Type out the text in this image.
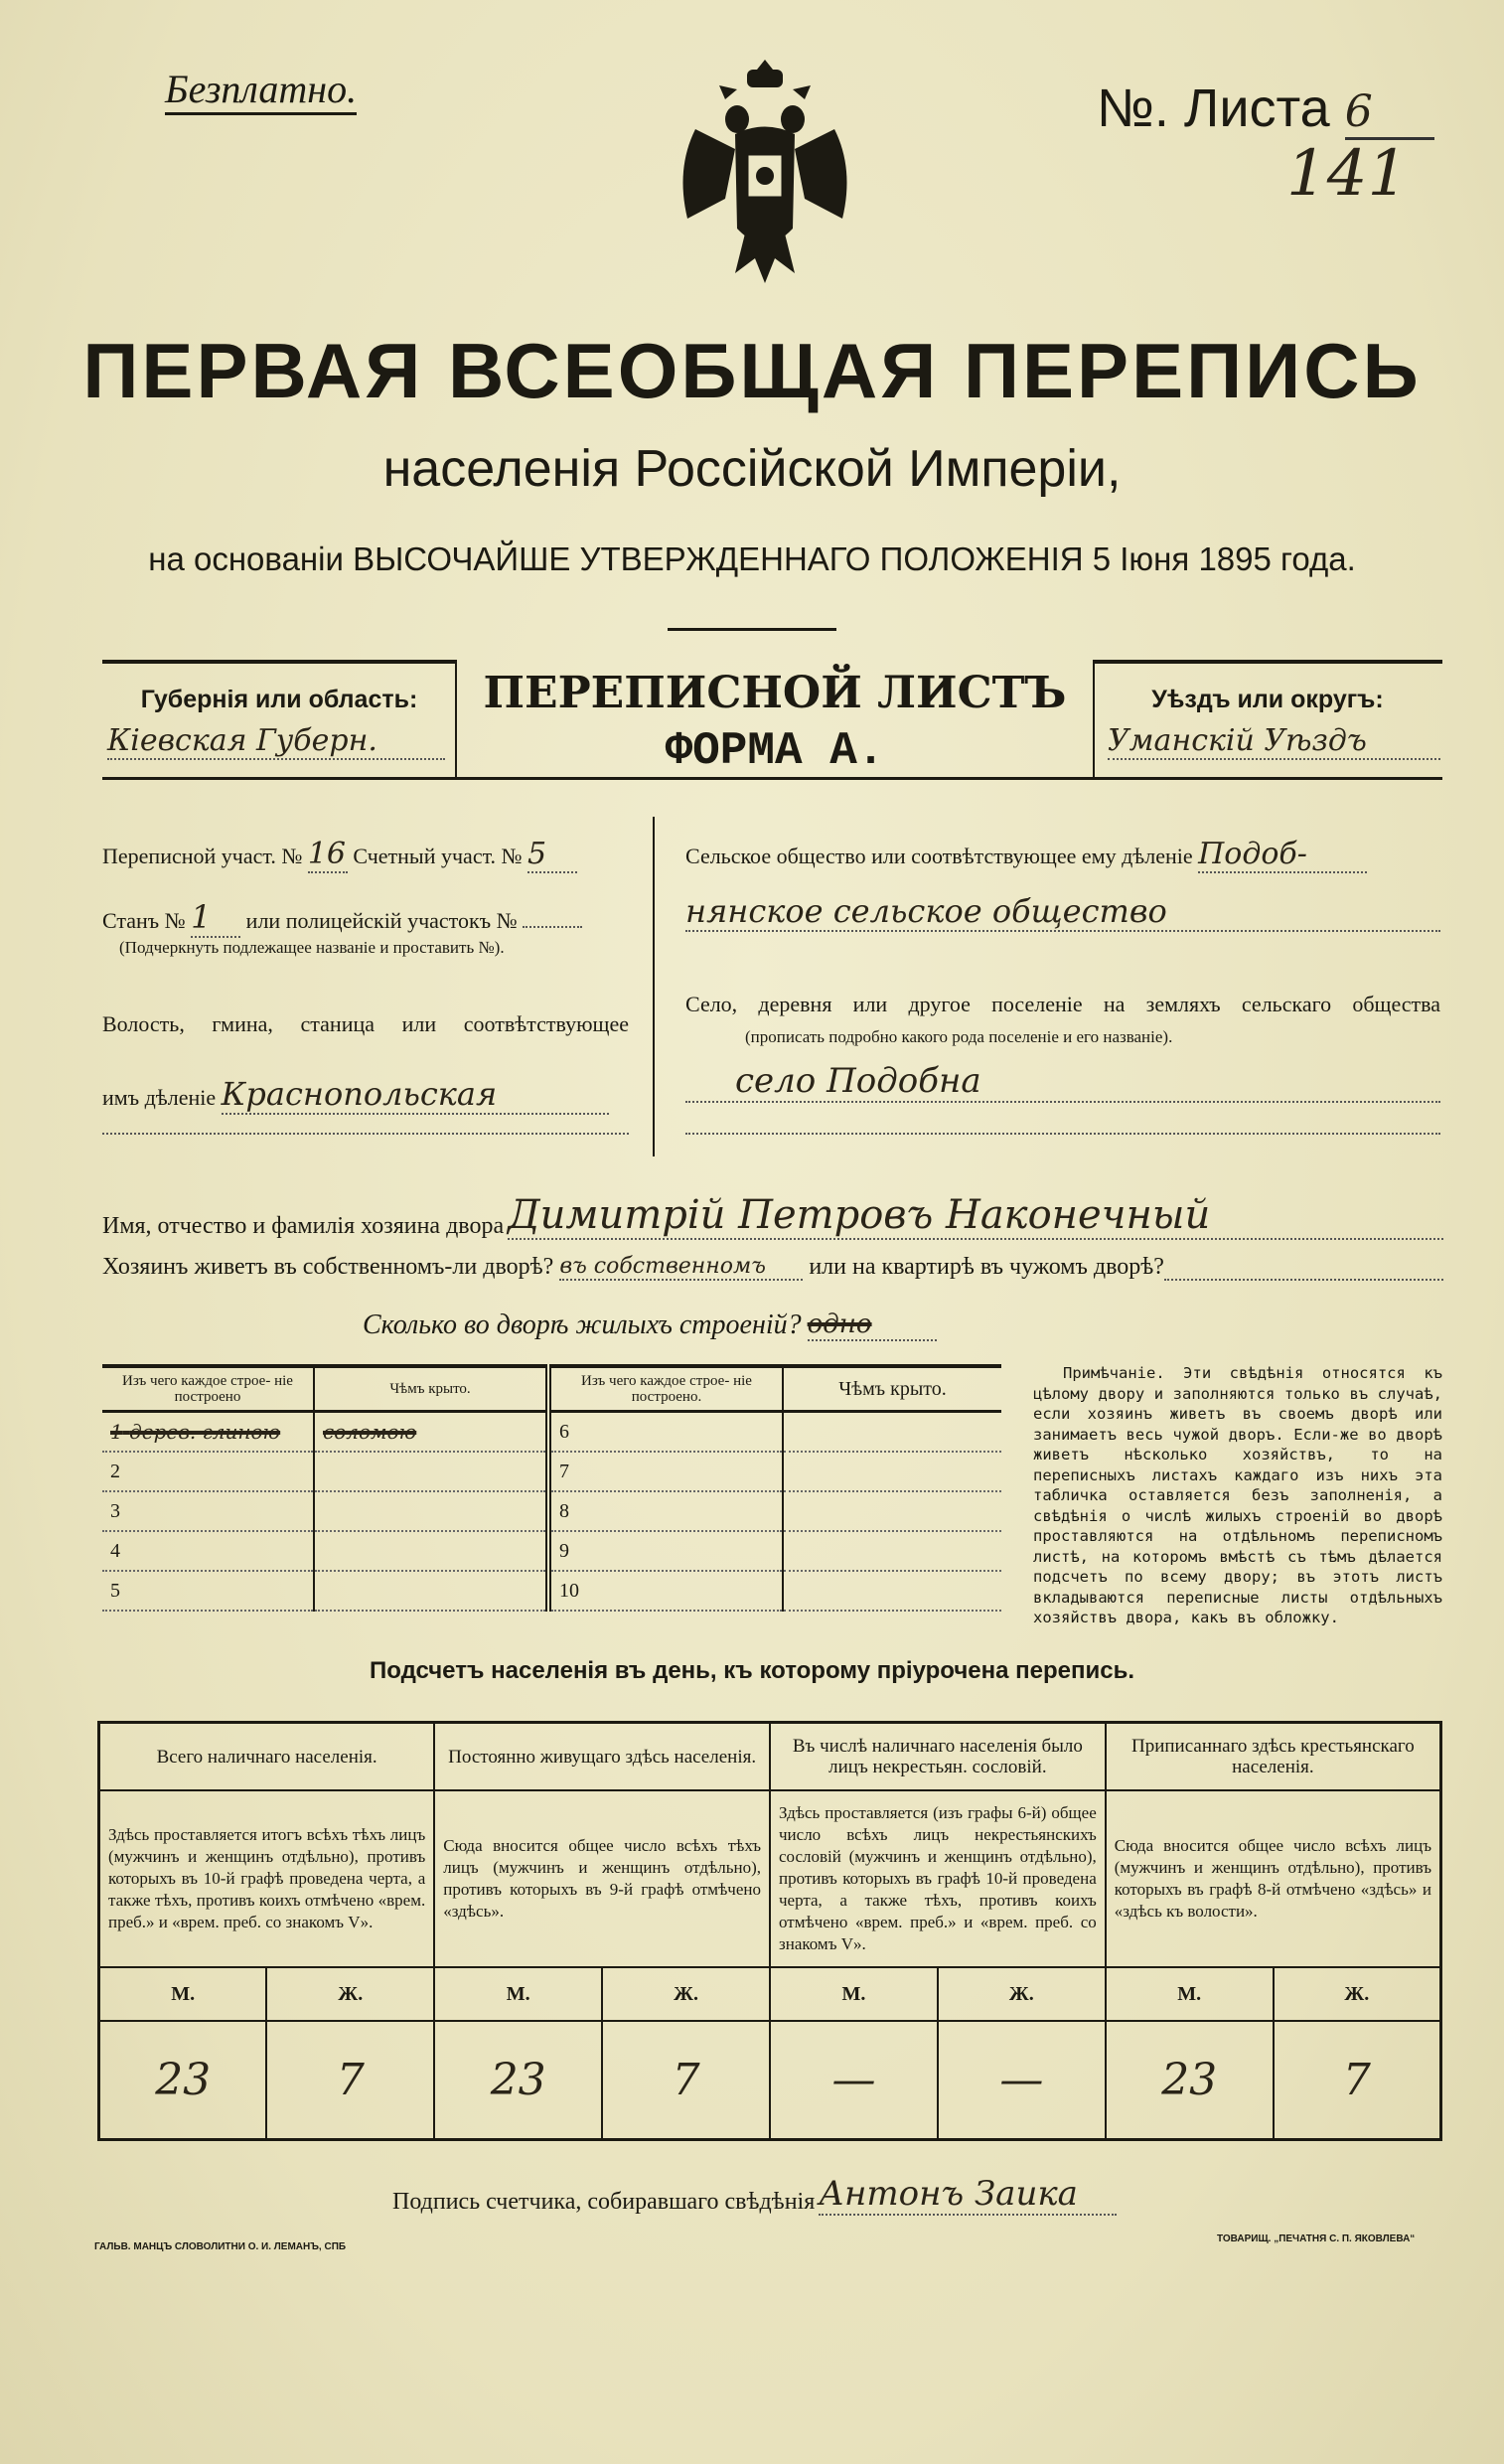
Безплатно.	№. Листа 6
141
ПЕРВАЯ ВСЕОБЩАЯ ПЕРЕПИСЬ
населенія Россійской Имперіи,
на основаніи ВЫСОЧАЙШЕ УТВЕРЖДЕННАГО ПОЛОЖЕНІЯ 5 Іюня 1895 года.
Губернія или область:
Кіевская Губерн.
ПЕРЕПИСНОЙ ЛИСТЪ
ФОРМА А.
Уѣздъ или округъ:
Уманскій Уѣздъ
Переписной участ. № 16 Счетный участ. № 5
Станъ № 1 или полицейскій участокъ №
(Подчеркнуть подлежащее названіе и проставить №).
Волость, гмина, станица или соотвѣтствующее
имъ дѣленіе Краснопольская
Сельское общество или соотвѣтствующее ему дѣленіе Подоб-
нянское сельское общество
Село, деревня или другое поселеніе на земляхъ сельскаго общества
(прописать подробно какого рода поселеніе и его названіе).
село Подобна
Имя, отчество и фамилія хозяина двора Димитрій Петровъ Наконечный
Хозяинъ живетъ въ собственномъ-ли дворѣ? въ собственномъ	или на квартирѣ въ чужомъ дворѣ?
Сколько во дворѣ жилыхъ строеній? одно
Изъ чего каждое строе- ніе построено	Чѣмъ крыто.	Изъ чего каждое строе- ніе построено.	Чѣмъ крыто.
1 дерев. глиною	соломою	6	
2		7	
3		8	
4		9	
5		10	
Примѣчаніе. Эти свѣдѣнія относятся къ цѣлому двору и заполняются только въ случаѣ, если хозяинъ живетъ въ своемъ дворѣ или занимаетъ весь чужой дворъ. Если-же во дворѣ живетъ нѣсколько хозяйствъ, то на переписныхъ листахъ каждаго изъ нихъ эта табличка оставляется безъ заполненія, а свѣдѣнія о числѣ жилыхъ строеній во дворѣ проставляются на отдѣльномъ переписномъ листѣ, на которомъ вмѣстѣ съ тѣмъ дѣлается подсчетъ по всему двору; въ этотъ листъ вкладываются переписные листы отдѣльныхъ хозяйствъ двора, какъ въ обложку.
Подсчетъ населенія въ день, къ которому пріурочена перепись.
Всего наличнаго населенія.		Постоянно живущаго здѣсь населенія.		Въ числѣ наличнаго населенія было лицъ некрестьян. сословій.		Приписаннаго здѣсь крестьянскаго населенія.	
Здѣсь проставляется итогъ всѣхъ тѣхъ лицъ (мужчинъ и женщинъ отдѣльно), противъ которыхъ въ 10-й графѣ проведена черта, а также тѣхъ, противъ коихъ отмѣчено «врем. преб.» и «врем. преб. со знакомъ V».		Сюда вносится общее число всѣхъ тѣхъ лицъ (мужчинъ и женщинъ отдѣльно), противъ которыхъ въ 9-й графѣ отмѣчено «здѣсь».		Здѣсь проставляется (изъ графы 6-й) общее число всѣхъ лицъ некрестьянскихъ сословій (мужчинъ и женщинъ отдѣльно), противъ которыхъ въ графѣ 10-й проведена черта, а также тѣхъ, противъ коихъ отмѣчено «врем. преб.» и «врем. преб. со знакомъ V».		Сюда вносится общее число всѣхъ лицъ (мужчинъ и женщинъ отдѣльно), противъ которыхъ въ графѣ 8-й отмѣчено «здѣсь» и «здѣсь къ волости».	
М.	Ж.	М.	Ж.	М.	Ж.	М.	Ж.
23	7	23	7	—	—	23	7
Подпись счетчика, собиравшаго свѣдѣнія Антонъ Заика
ГАЛЬВ. МАНЦЪ СЛОВОЛИТНИ О. И. ЛЕМАНЪ, СПБ
ТОВАРИЩ. „ПЕЧАТНЯ С. П. ЯКОВЛЕВА“
